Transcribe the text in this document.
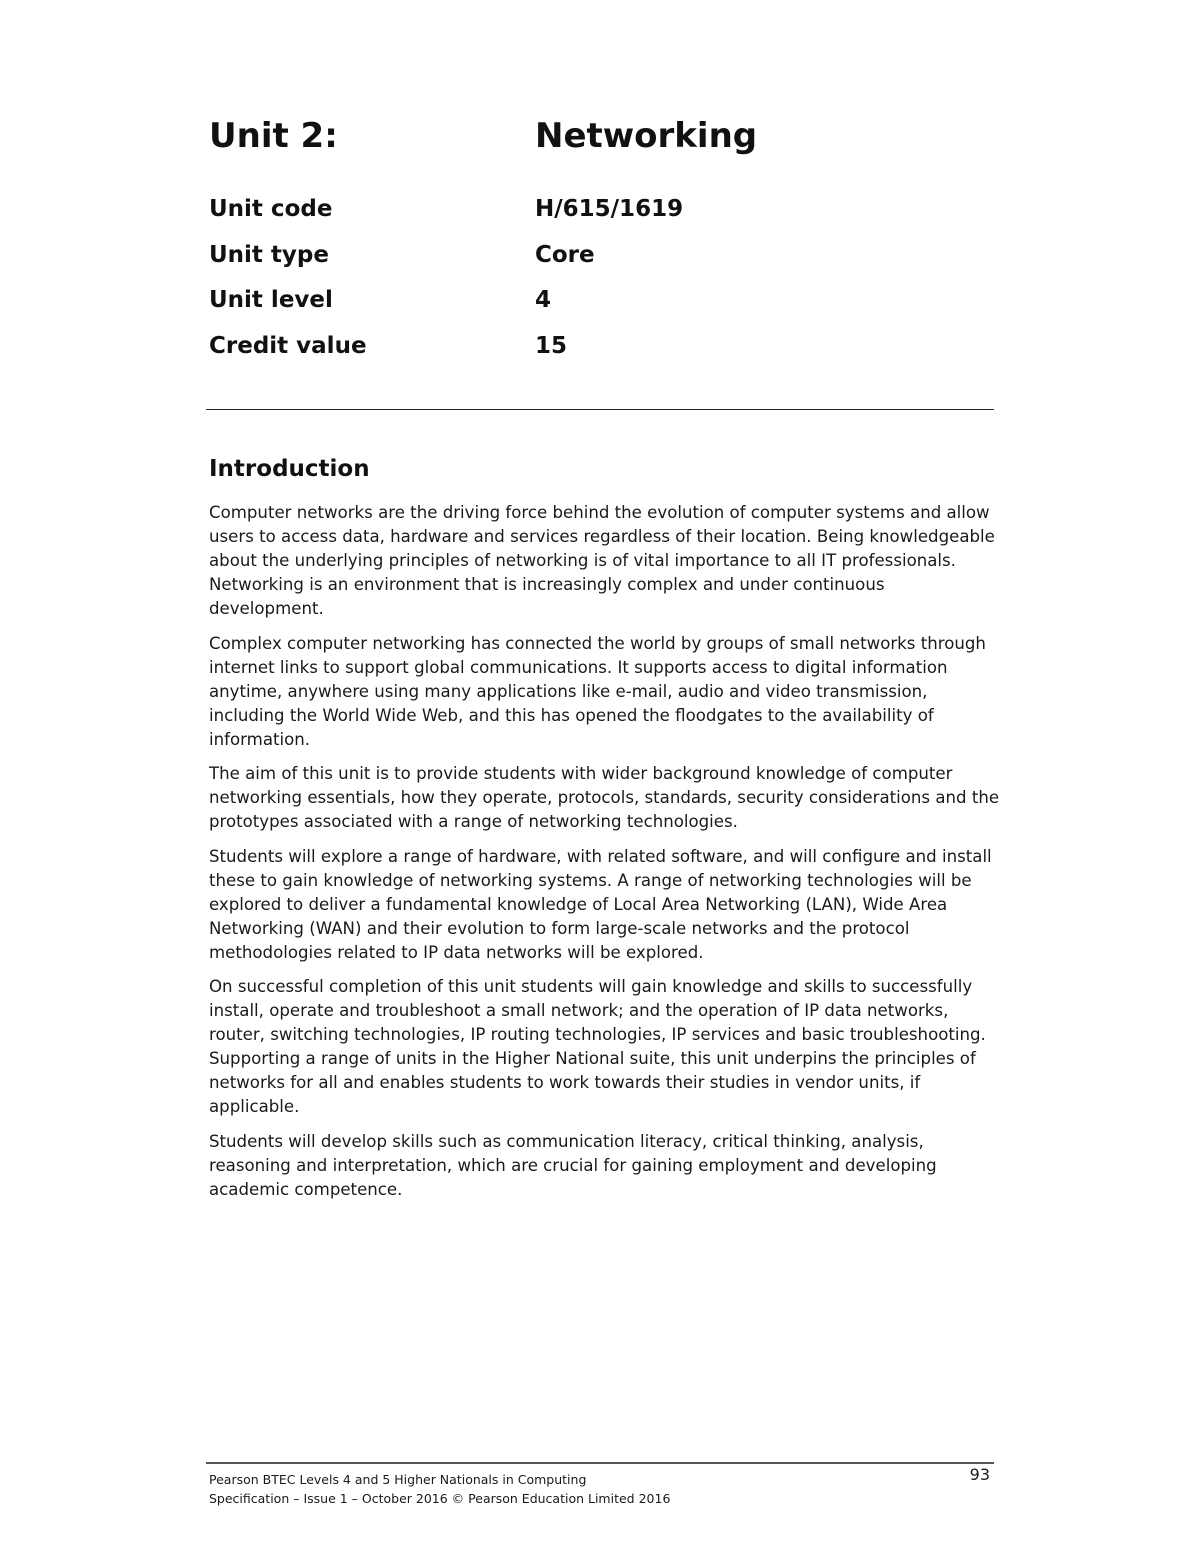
Unit 2:	Networking
Unit code	H/615/1619
Unit type	Core
Unit level	4
Credit value	15
Introduction

Computer networks are the driving force behind the evolution of computer systems and allow users to access data, hardware and services regardless of their location. Being knowledgeable about the underlying principles of networking is of vital importance to all IT professionals. Networking is an environment that is increasingly complex and under continuous development.

Complex computer networking has connected the world by groups of small networks through internet links to support global communications. It supports access to digital information anytime, anywhere using many applications like e-mail, audio and video transmission, including the World Wide Web, and this has opened the floodgates to the availability of information.

The aim of this unit is to provide students with wider background knowledge of computer networking essentials, how they operate, protocols, standards, security considerations and the prototypes associated with a range of networking technologies.

Students will explore a range of hardware, with related software, and will configure and install these to gain knowledge of networking systems. A range of networking technologies will be explored to deliver a fundamental knowledge of Local Area Networking (LAN), Wide Area Networking (WAN) and their evolution to form large-scale networks and the protocol methodologies related to IP data networks will be explored.

On successful completion of this unit students will gain knowledge and skills to successfully install, operate and troubleshoot a small network; and the operation of IP data networks, router, switching technologies, IP routing technologies, IP services and basic troubleshooting. Supporting a range of units in the Higher National suite, this unit underpins the principles of networks for all and enables students to work towards their studies in vendor units, if applicable.

Students will develop skills such as communication literacy, critical thinking, analysis, reasoning and interpretation, which are crucial for gaining employment and developing academic competence.

Pearson BTEC Levels 4 and 5 Higher Nationals in Computing
Specification – Issue 1 – October 2016 © Pearson Education Limited 2016
93
